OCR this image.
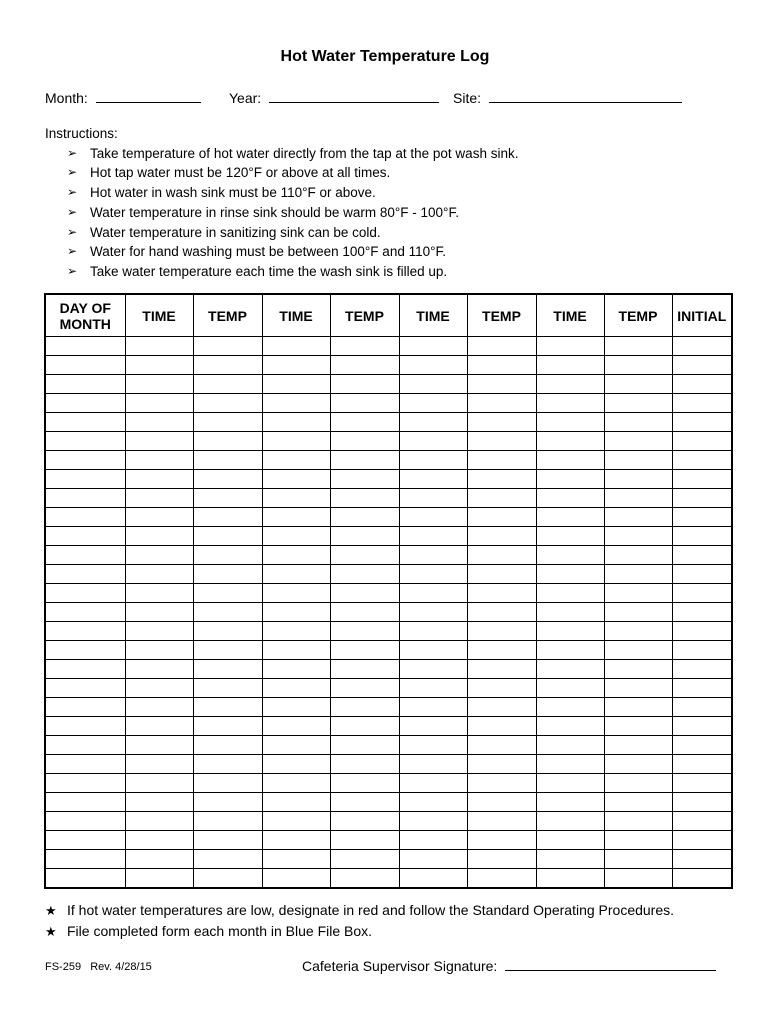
Hot Water Temperature Log
Month:	Year:	Site:
Instructions:
➢ Take temperature of hot water directly from the tap at the pot wash sink.
➢ Hot tap water must be 120°F or above at all times.
➢ Hot water in wash sink must be 110°F or above.
➢ Water temperature in rinse sink should be warm 80°F - 100°F.
➢ Water temperature in sanitizing sink can be cold.
➢ Water for hand washing must be between 100°F and 110°F.
➢ Take water temperature each time the wash sink is filled up.
DAY OF MONTH	TIME	TEMP	TIME	TEMP	TIME	TEMP	TIME	TEMP	INITIAL

★ If hot water temperatures are low, designate in red and follow the Standard Operating Procedures.
★ File completed form each month in Blue File Box.
FS-259   Rev. 4/28/15	Cafeteria Supervisor Signature:
